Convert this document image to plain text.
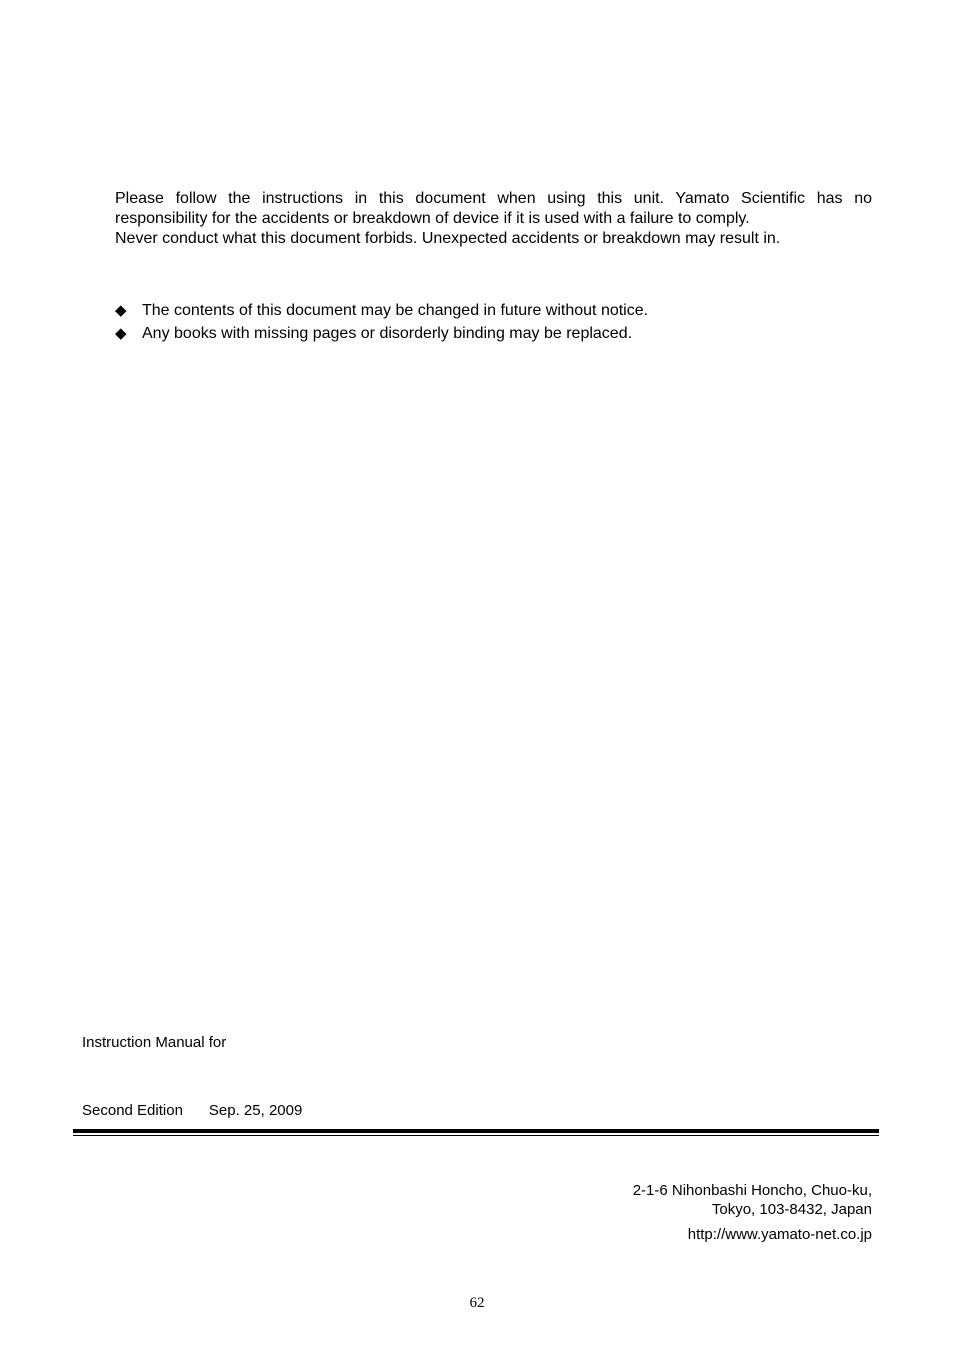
Please follow the instructions in this document when using this unit. Yamato Scientific has no

responsibility for the accidents or breakdown of device if it is used with a failure to comply.

Never conduct what this document forbids. Unexpected accidents or breakdown may result in.

◆ The contents of this document may be changed in future without notice.
◆ Any books with missing pages or disorderly binding may be replaced.
Instruction Manual for
Second Edition Sep. 25, 2009
2-1-6 Nihonbashi Honcho, Chuo-ku,
Tokyo, 103-8432, Japan
http://www.yamato-net.co.jp
62
